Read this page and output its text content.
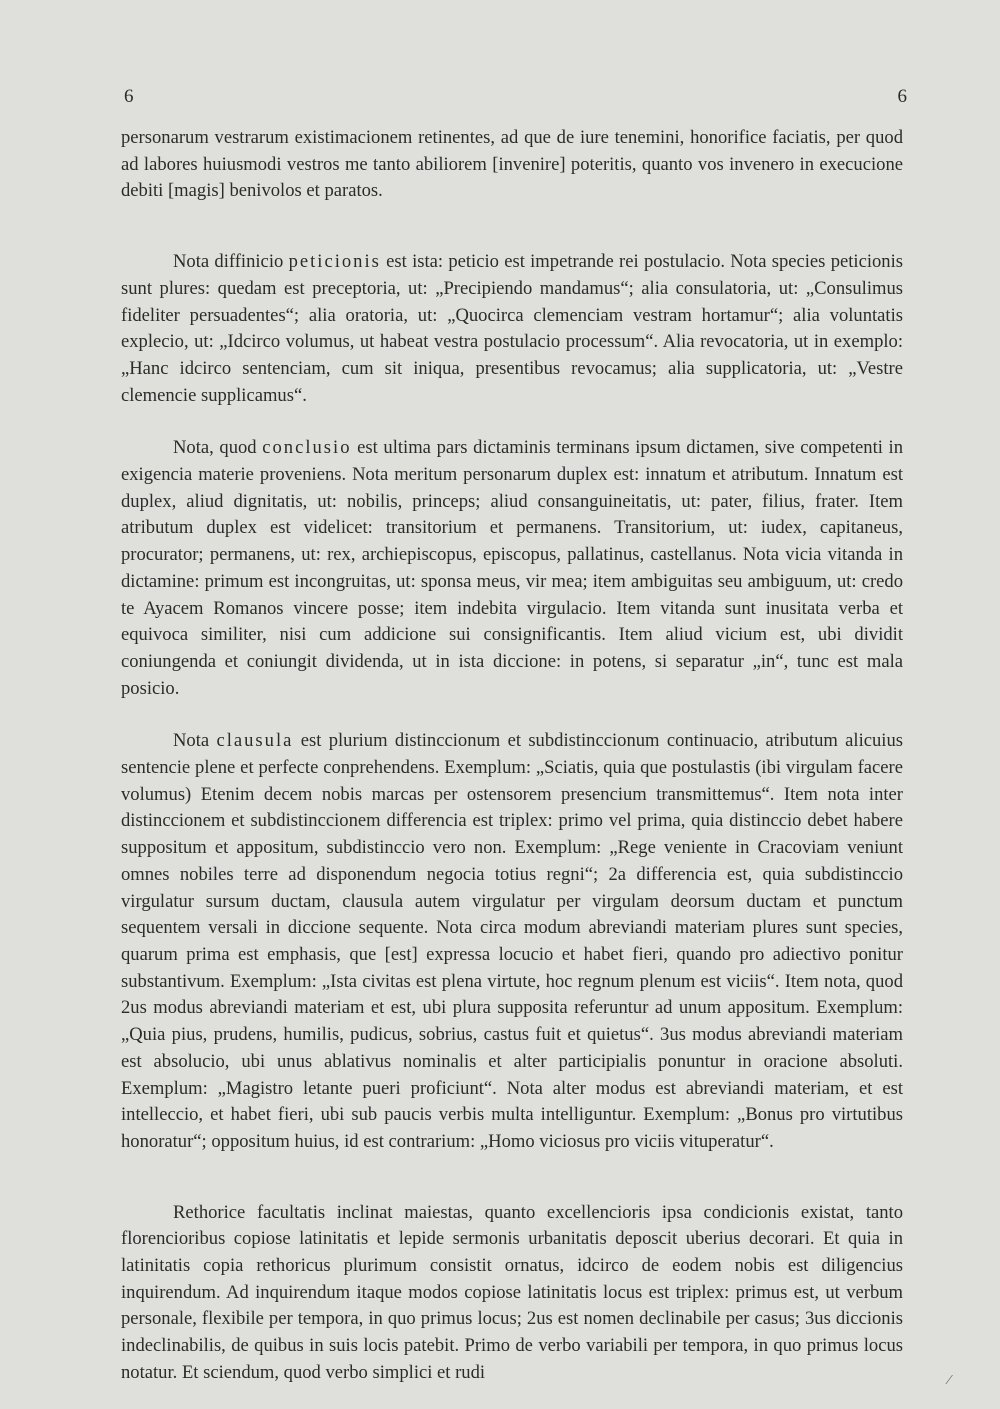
6	6

personarum vestrarum existimacionem retinentes, ad que de iure tenemini, honorifice faciatis, per quod ad labores huiusmodi vestros me tanto abiliorem [invenire] poteritis, quanto vos invenero in execucione debiti [magis] benivolos et paratos.

Nota diffinicio peticionis est ista: peticio est impetrande rei postulacio. Nota species peticionis sunt plures: quedam est preceptoria, ut: „Precipiendo mandamus“; alia consulatoria, ut: „Consulimus fideliter persuadentes“; alia oratoria, ut: „Quocirca clemenciam vestram hortamur“; alia voluntatis explecio, ut: „Idcirco volumus, ut habeat vestra postulacio processum“. Alia revocatoria, ut in exemplo: „Hanc idcirco sentenciam, cum sit iniqua, presentibus revocamus; alia supplicatoria, ut: „Vestre clemencie supplicamus“.

Nota, quod conclusio est ultima pars dictaminis terminans ipsum dictamen, sive competenti in exigencia materie proveniens. Nota meritum personarum duplex est: innatum et atributum. Innatum est duplex, aliud dignitatis, ut: nobilis, princeps; aliud consanguineitatis, ut: pater, filius, frater. Item atributum duplex est videlicet: transitorium et permanens. Transitorium, ut: iudex, capitaneus, procurator; permanens, ut: rex, archiepiscopus, episcopus, pallatinus, castellanus. Nota vicia vitanda in dictamine: primum est incongruitas, ut: sponsa meus, vir mea; item ambiguitas seu ambiguum, ut: credo te Ayacem Romanos vincere posse; item indebita virgulacio. Item vitanda sunt inusitata verba et equivoca similiter, nisi cum addicione sui consignificantis. Item aliud vicium est, ubi dividit coniungenda et coniungit dividenda, ut in ista diccione: in potens, si separatur „in“, tunc est mala posicio.

Nota clausula est plurium distinccionum et subdistinccionum continuacio, atributum alicuius sentencie plene et perfecte conprehendens. Exemplum: „Sciatis, quia que postulastis (ibi virgulam facere volumus) Etenim decem nobis marcas per ostensorem presencium transmittemus“. Item nota inter distinccionem et subdistinccionem differencia est triplex: primo vel prima, quia distinccio debet habere suppositum et appositum, subdistinccio vero non. Exemplum: „Rege veniente in Cracoviam veniunt omnes nobiles terre ad disponendum negocia totius regni“; 2a differencia est, quia subdistinccio virgulatur sursum ductam, clausula autem virgulatur per virgulam deorsum ductam et punctum sequentem versali in diccione sequente. Nota circa modum abreviandi materiam plures sunt species, quarum prima est emphasis, que [est] expressa locucio et habet fieri, quando pro adiectivo ponitur substantivum. Exemplum: „Ista civitas est plena virtute, hoc regnum plenum est viciis“. Item nota, quod 2us modus abreviandi materiam et est, ubi plura supposita referuntur ad unum appositum. Exemplum: „Quia pius, prudens, humilis, pudicus, sobrius, castus fuit et quietus“. 3us modus abreviandi materiam est absolucio, ubi unus ablativus nominalis et alter participialis ponuntur in oracione absoluti. Exemplum: „Magistro letante pueri proficiunt“. Nota alter modus est abreviandi materiam, et est intelleccio, et habet fieri, ubi sub paucis verbis multa intelliguntur. Exemplum: „Bonus pro virtutibus honoratur“; oppositum huius, id est contrarium: „Homo viciosus pro viciis vituperatur“.

Rethorice facultatis inclinat maiestas, quanto excellencioris ipsa condicionis existat, tanto florencioribus copiose latinitatis et lepide sermonis urbanitatis deposcit uberius decorari. Et quia in latinitatis copia rethoricus plurimum consistit ornatus, idcirco de eodem nobis est diligencius inquirendum. Ad inquirendum itaque modos copiose latinitatis locus est triplex: primus est, ut verbum personale, flexibile per tempora, in quo primus locus; 2us est nomen declinabile per casus; 3us diccionis indeclinabilis, de quibus in suis locis patebit. Primo de verbo variabili per tempora, in quo primus locus notatur. Et sciendum, quod verbo simplici et rudi	⁄
